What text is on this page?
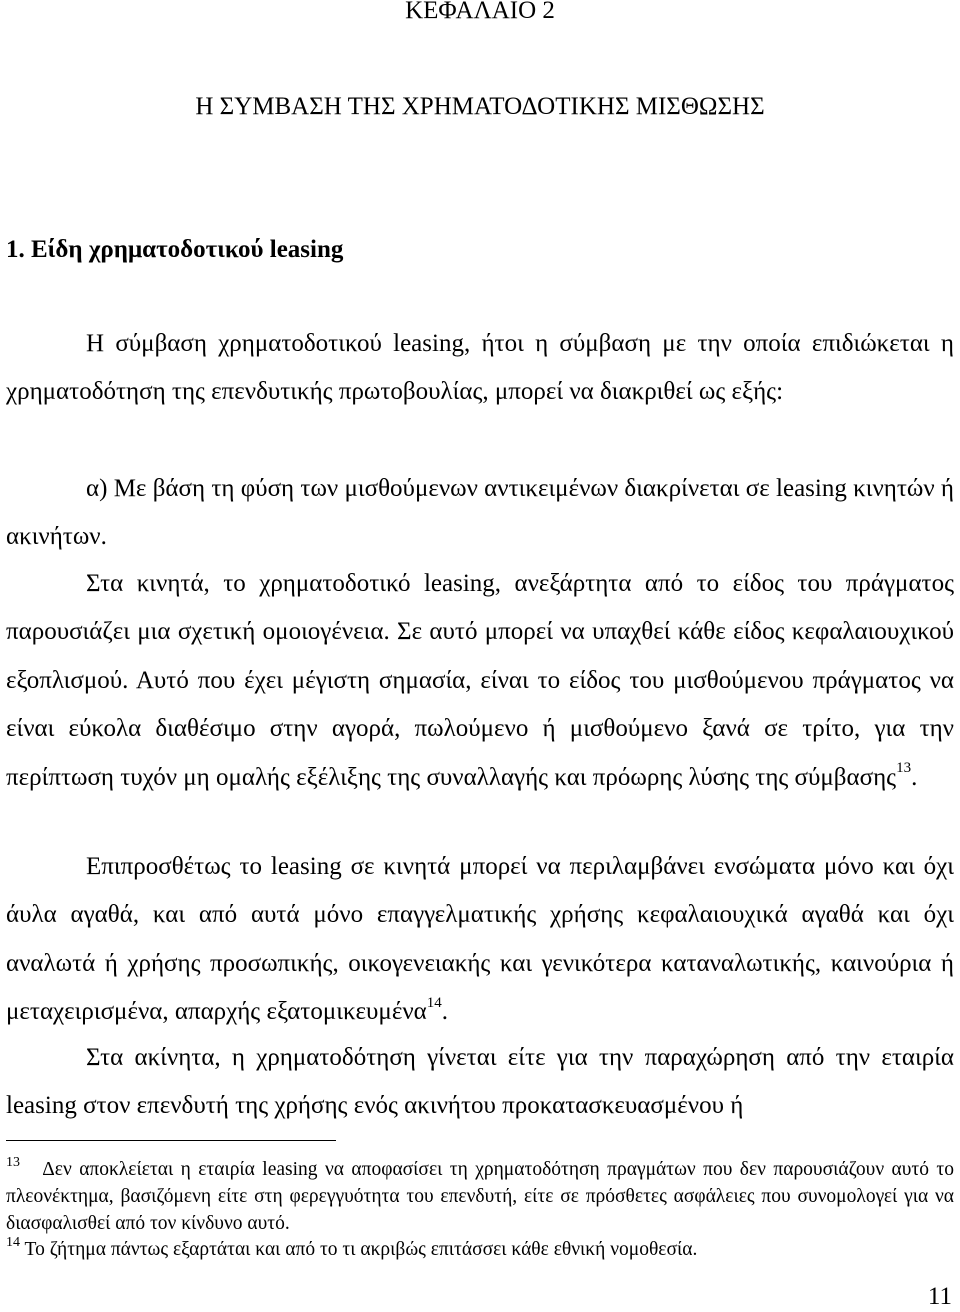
ΚΕΦΑΛΑΙΟ 2
Η ΣΥΜΒΑΣΗ ΤΗΣ ΧΡΗΜΑΤΟΔΟΤΙΚΗΣ ΜΙΣΘΩΣΗΣ
1. Είδη χρηματοδοτικού leasing

Η σύμβαση χρηματοδοτικού leasing, ήτοι η σύμβαση με την οποία επιδιώκεται η χρηματοδότηση της επενδυτικής πρωτοβουλίας, μπορεί να διακριθεί ως εξής:

α) Με βάση τη φύση των μισθούμενων αντικειμένων διακρίνεται σε leasing κινητών ή ακινήτων.

Στα κινητά, το χρηματοδοτικό leasing, ανεξάρτητα από το είδος του πράγματος παρουσιάζει μια σχετική ομοιογένεια. Σε αυτό μπορεί να υπαχθεί κάθε είδος κεφαλαιουχικού εξοπλισμού. Αυτό που έχει μέγιστη σημασία, είναι το είδος του μισθούμενου πράγματος να είναι εύκολα διαθέσιμο στην αγορά, πωλούμενο ή μισθούμενο ξανά σε τρίτο, για την περίπτωση τυχόν μη ομαλής εξέλιξης της συναλλαγής και πρόωρης λύσης της σύμβασης$^{13}$.

Επιπροσθέτως το leasing σε κινητά μπορεί να περιλαμβάνει ενσώματα μόνο και όχι άυλα αγαθά, και από αυτά μόνο επαγγελματικής χρήσης κεφαλαιουχικά αγαθά και όχι αναλωτά ή χρήσης προσωπικής, οικογενειακής και γενικότερα καταναλωτικής, καινούρια ή μεταχειρισμένα, απαρχής εξατομικευμένα$^{14}$.

Στα ακίνητα, η χρηματοδότηση γίνεται είτε για την παραχώρηση από την εταιρία leasing στον επενδυτή της χρήσης ενός ακινήτου προκατασκευασμένου ή

$^{13}$ Δεν αποκλείεται η εταιρία leasing να αποφασίσει τη χρηματοδότηση πραγμάτων που δεν παρουσιάζουν αυτό το πλεονέκτημα, βασιζόμενη είτε στη φερεγγυότητα του επενδυτή, είτε σε πρόσθετες ασφάλειες που συνομολογεί για να διασφαλισθεί από τον κίνδυνο αυτό.

$^{14}$ Το ζήτημα πάντως εξαρτάται και από το τι ακριβώς επιτάσσει κάθε εθνική νομοθεσία.

11
